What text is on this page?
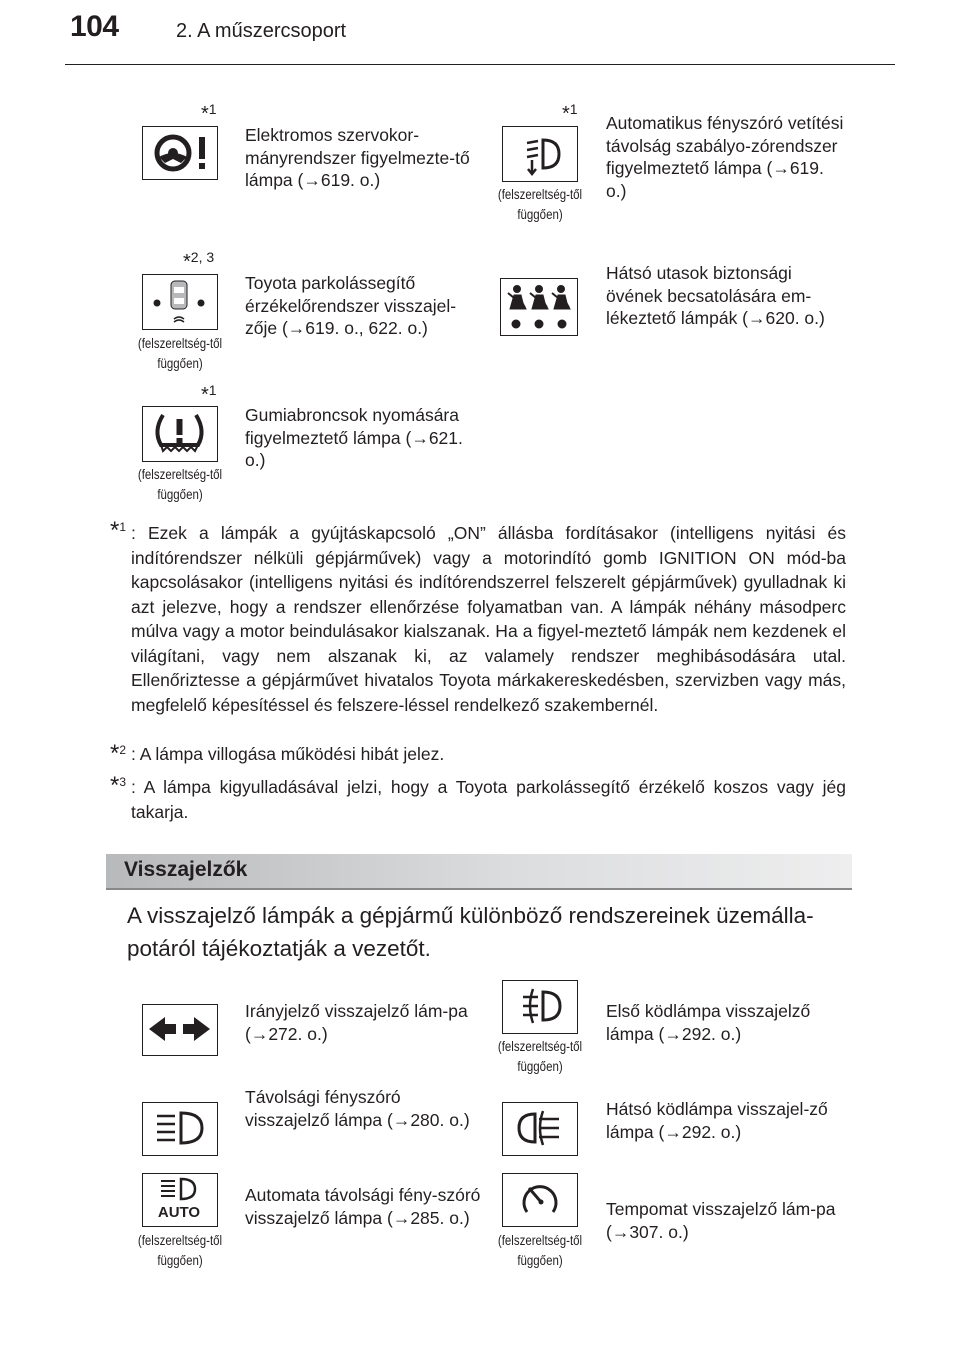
104	2. A műszercsoport
*$^1$
Elektromos szervokor-mányrendszer figyelmezte-tő lámpa (→619. o.)
*$^1$
(felszereltség-től függően)
Automatikus fényszóró vetítési távolság szabályo-zórendszer figyelmeztető lámpa (→619. o.)
*$^{2, 3}$
(felszereltség-től függően)
Toyota parkolássegítő érzékelőrendszer visszajel-zője (→619. o., 622. o.)
Hátsó utasok biztonsági övének becsatolására em-lékeztető lámpák (→620. o.)
*$^1$
(felszereltség-től függően)
Gumiabroncsok nyomására figyelmeztető lámpa (→621. o.)
*$^1$ : Ezek a lámpák a gyújtáskapcsoló „ON” állásba fordításakor (intelligens nyitási és indítórendszer nélküli gépjárművek) vagy a motorindító gomb IGNITION ON mód-ba kapcsolásakor (intelligens nyitási és indítórendszerrel felszerelt gépjárművek) gyulladnak ki azt jelezve, hogy a rendszer ellenőrzése folyamatban van. A lámpák néhány másodperc múlva vagy a motor beindulásakor kialszanak. Ha a figyel-meztető lámpák nem kezdenek el világítani, vagy nem alszanak ki, az valamely rendszer meghibásodására utal. Ellenőriztesse a gépjárművet hivatalos Toyota márkakereskedésben, szervizben vagy más, megfelelő képesítéssel és felszere-léssel rendelkező szakembernél.
*$^2$ : A lámpa villogása működési hibát jelez.
*$^3$ : A lámpa kigyulladásával jelzi, hogy a Toyota parkolássegítő érzékelő koszos vagy jég takarja.
Visszajelzők
A visszajelző lámpák a gépjármű különböző rendszereinek üzemálla-potáról tájékoztatják a vezetőt.
Irányjelző visszajelző lám-pa (→272. o.)
(felszereltség-től függően)
Első ködlámpa visszajelző lámpa (→292. o.)
Távolsági fényszóró visszajelző lámpa (→280. o.)
Hátsó ködlámpa visszajel-ző lámpa (→292. o.)
AUTO
(felszereltség-től függően)
Automata távolsági fény-szóró visszajelző lámpa (→285. o.)
(felszereltség-től függően)
Tempomat visszajelző lám-pa (→307. o.)
